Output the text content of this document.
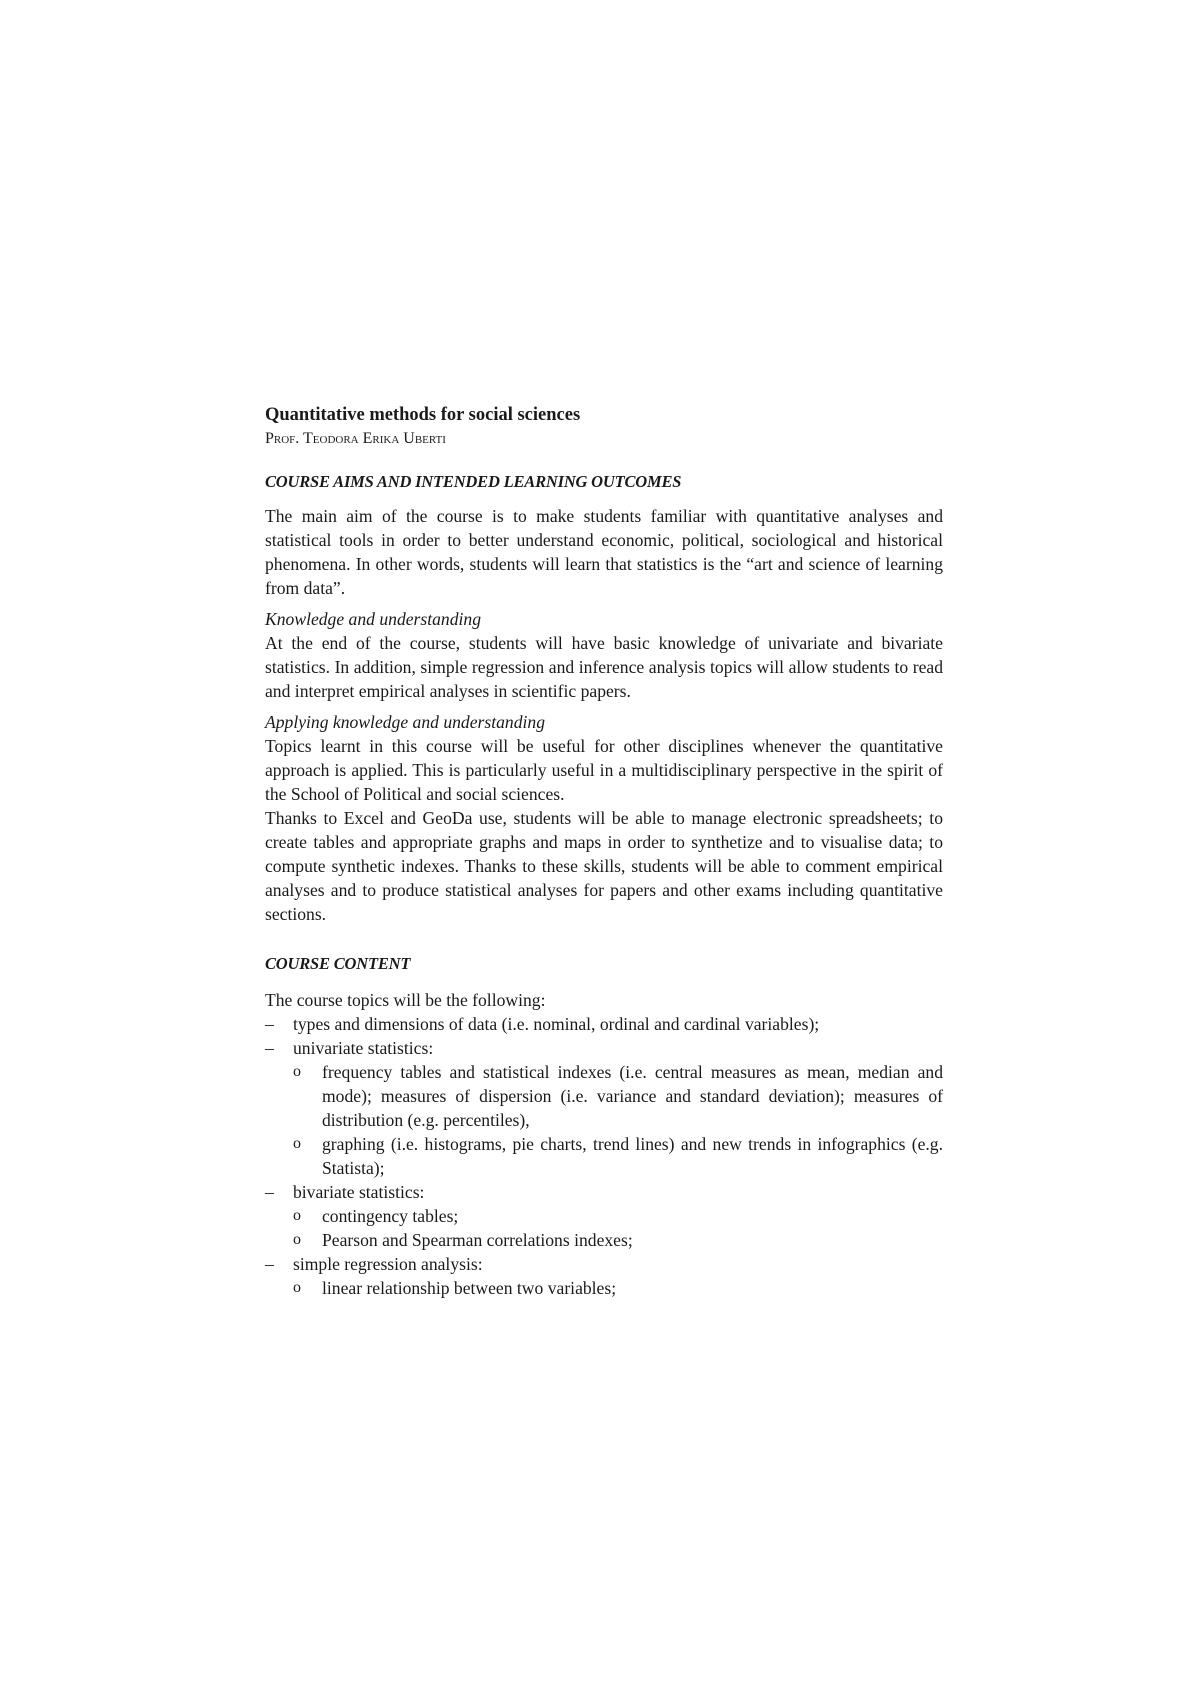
Quantitative methods for social sciences
Prof. Teodora Erika Uberti
COURSE AIMS AND INTENDED LEARNING OUTCOMES

The main aim of the course is to make students familiar with quantitative analyses and statistical tools in order to better understand economic, political, sociological and historical phenomena. In other words, students will learn that statistics is the “art and science of learning from data”.

Knowledge and understanding

At the end of the course, students will have basic knowledge of univariate and bivariate statistics. In addition, simple regression and inference analysis topics will allow students to read and interpret empirical analyses in scientific papers.

Applying knowledge and understanding

Topics learnt in this course will be useful for other disciplines whenever the quantitative approach is applied. This is particularly useful in a multidisciplinary perspective in the spirit of the School of Political and social sciences.

Thanks to Excel and GeoDa use, students will be able to manage electronic spreadsheets; to create tables and appropriate graphs and maps in order to synthetize and to visualise data; to compute synthetic indexes. Thanks to these skills, students will be able to comment empirical analyses and to produce statistical analyses for papers and other exams including quantitative sections.

COURSE CONTENT

The course topics will be the following:

– types and dimensions of data (i.e. nominal, ordinal and cardinal variables);
– univariate statistics:
o frequency tables and statistical indexes (i.e. central measures as mean, median and mode); measures of dispersion (i.e. variance and standard deviation); measures of distribution (e.g. percentiles),
o graphing (i.e. histograms, pie charts, trend lines) and new trends in infographics (e.g. Statista);
– bivariate statistics:
o contingency tables;
o Pearson and Spearman correlations indexes;
– simple regression analysis:
o linear relationship between two variables;
